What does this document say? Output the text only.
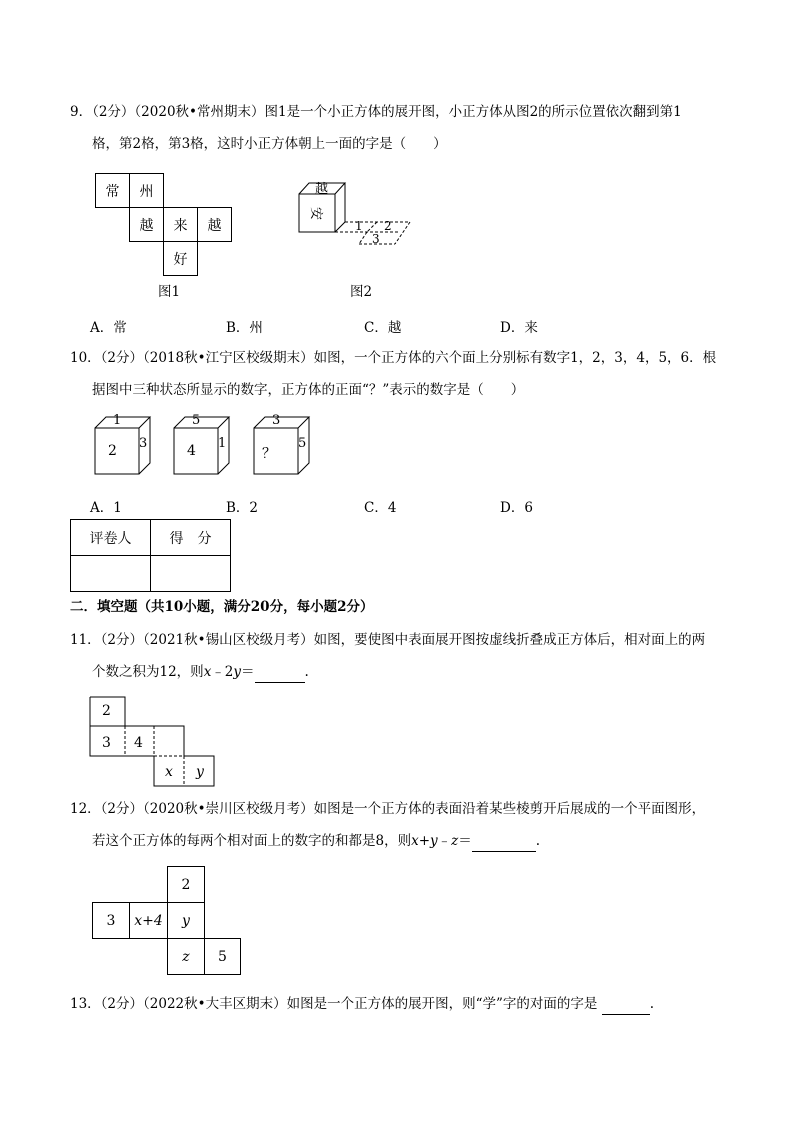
9．（2分）（2020秋•常州期末）图1是一个小正方体的展开图，小正方体从图2的所示位置依次翻到第1
格，第2格，第3格，这时小正方体朝上一面的字是（　　）
常	州
越	来	越
好
图1
越
安
1 2
3
图2
A．常	B．州	C．越	D．来
10．（2分）（2018秋•江宁区校级期末）如图，一个正方体的六个面上分别标有数字1，2，3，4，5，6．根
据图中三种状态所显示的数字，正方体的正面“？”表示的数字是（　　）
1
2 3
5
4 1
3
？
5
A．1	B．2	C．4	D．6
评卷人	得　分

二．填空题（共10小题，满分20分，每小题2分）
11．（2分）（2021秋•锡山区校级月考）如图，要使图中表面展开图按虚线折叠成正方体后，相对面上的两
个数之积为12，则x﹣2y＝	.
2
3 4
x y
12．（2分）（2020秋•崇川区校级月考）如图是一个正方体的表面沿着某些棱剪开后展成的一个平面图形，
若这个正方体的每两个相对面上的数字的和都是8，则x+y﹣z＝	.
2
3	x+4	y
z	5
13．（2分）（2022秋•大丰区期末）如图是一个正方体的展开图，则“学”字的对面的字是	.
